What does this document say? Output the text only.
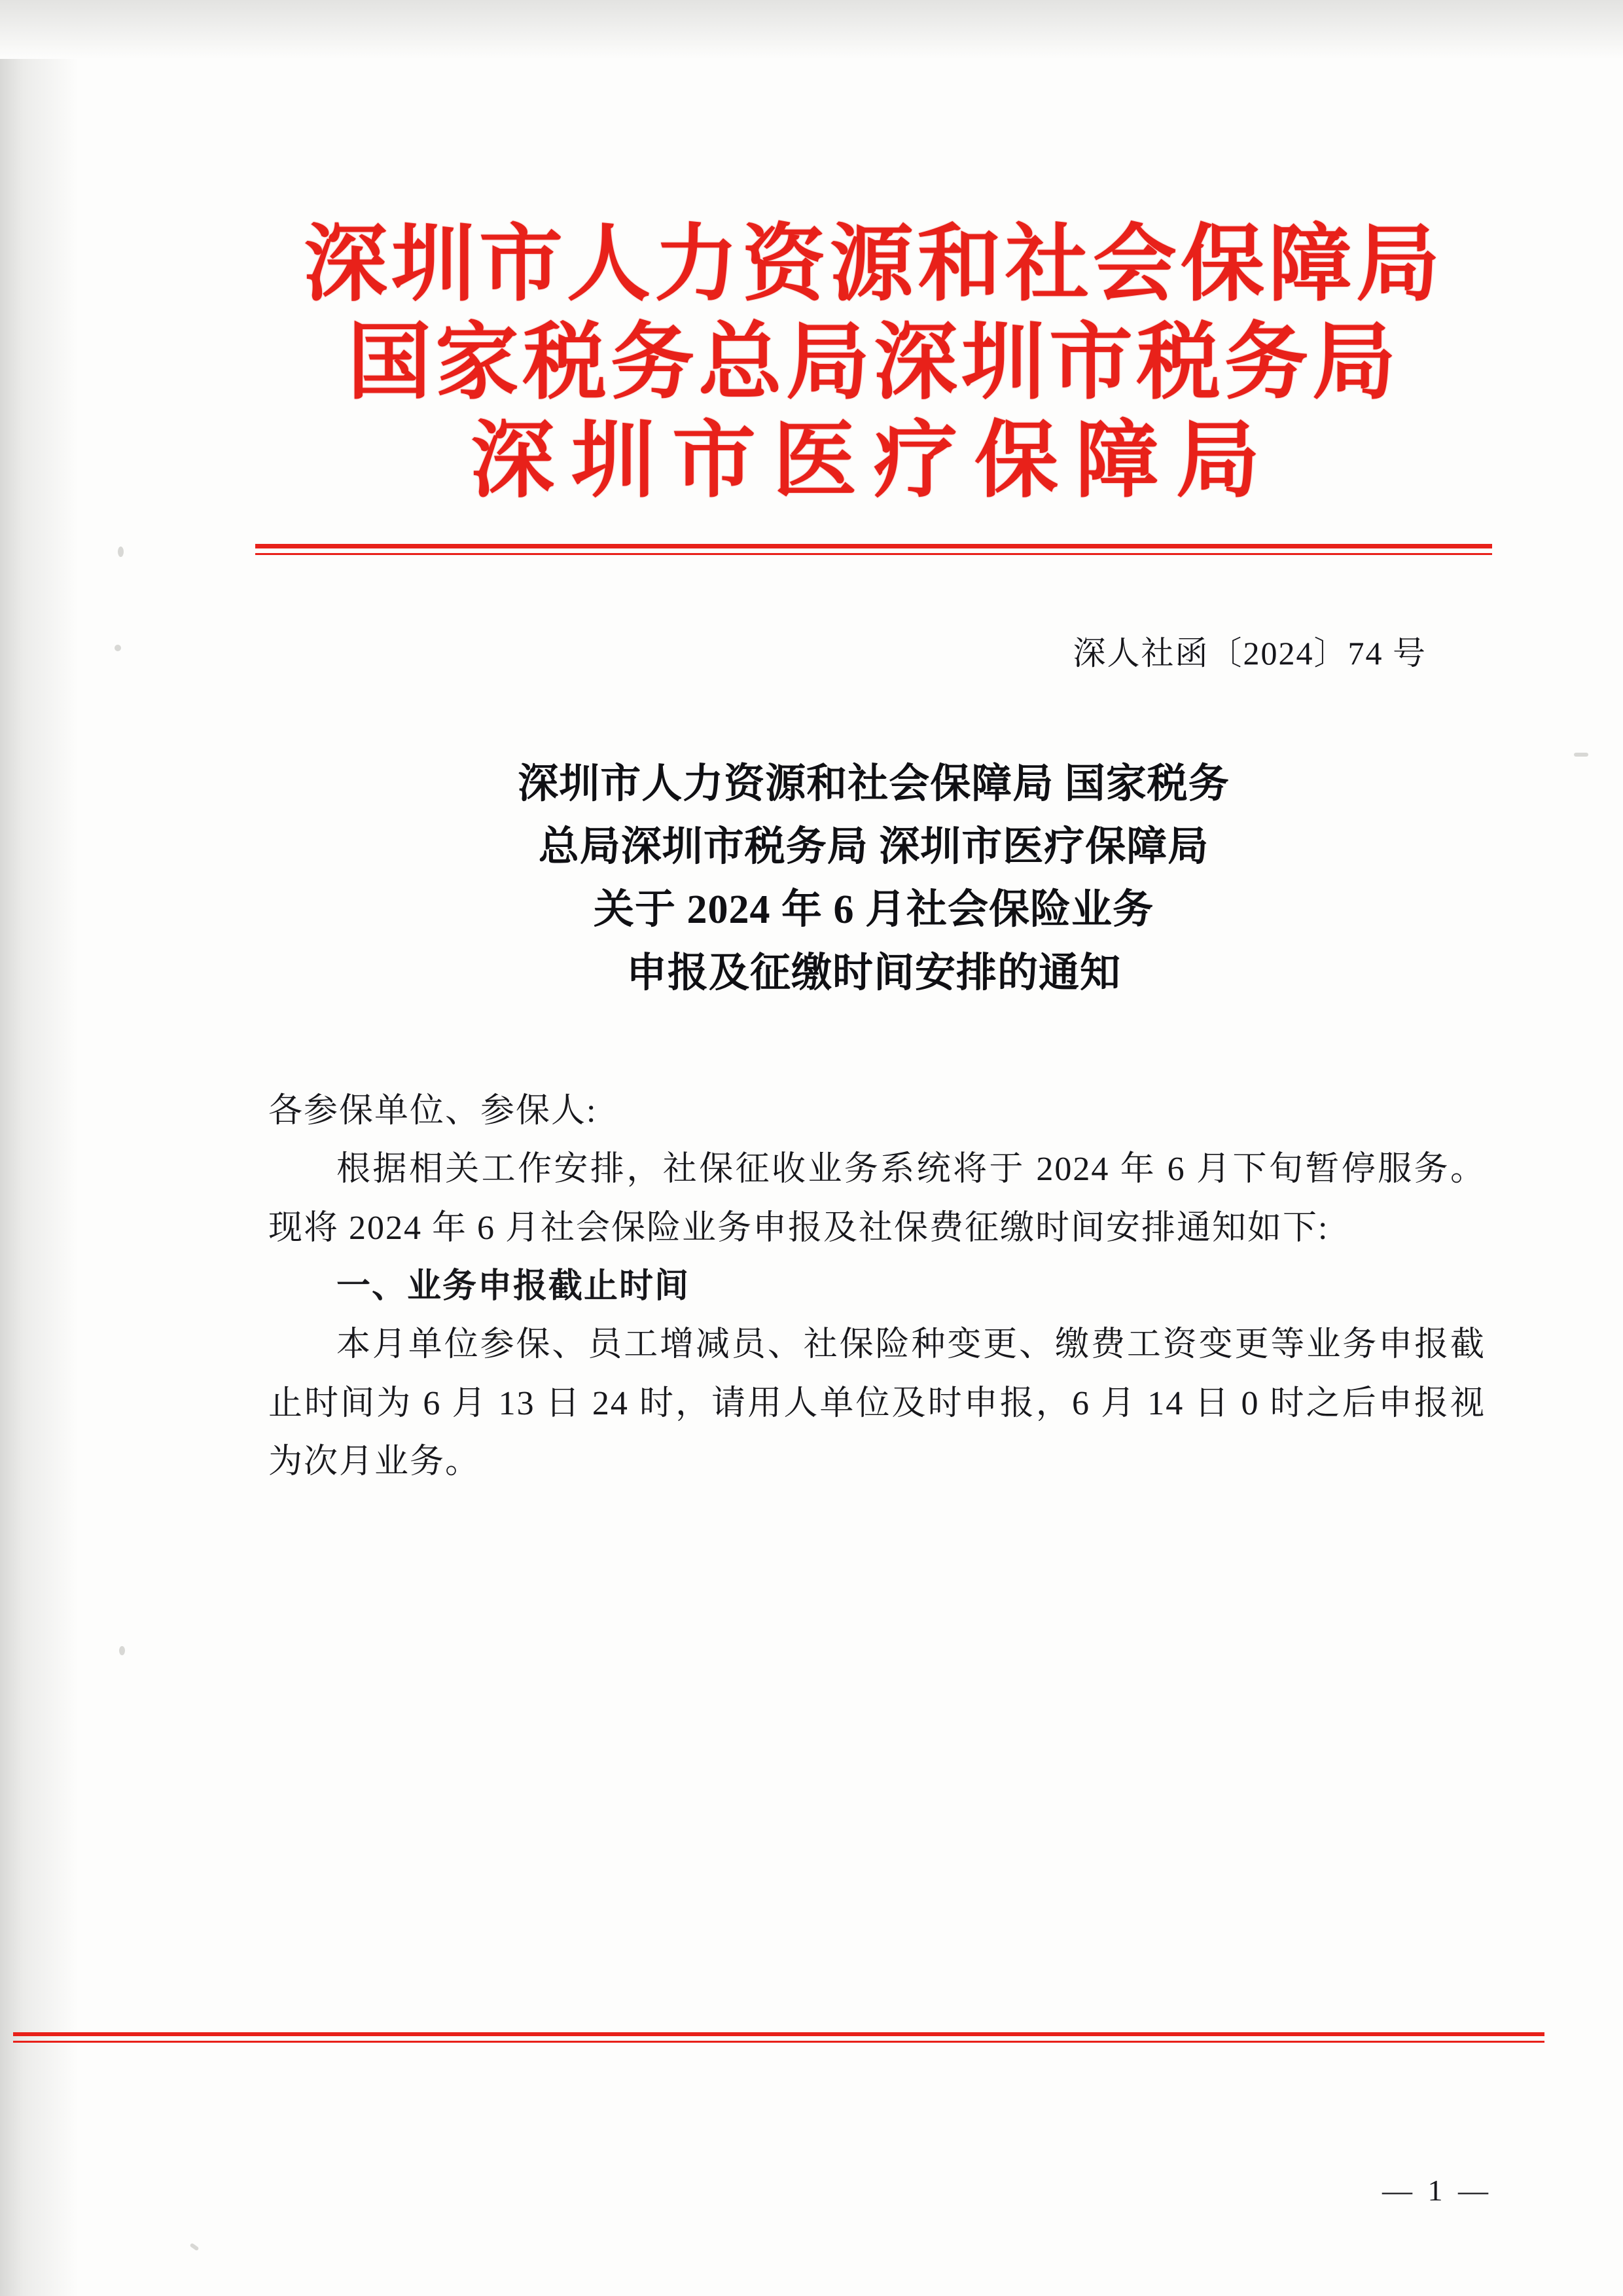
深圳市人力资源和社会保障局
国家税务总局深圳市税务局
深圳市医疗保障局
深人社函〔2024〕74 号
深圳市人力资源和社会保障局 国家税务
总局深圳市税务局 深圳市医疗保障局
关于 2024 年 6 月社会保险业务
申报及征缴时间安排的通知

各参保单位、参保人:

根据相关工作安排，社保征收业务系统将于 2024 年 6 月下旬暂停服务。现将 2024 年 6 月社会保险业务申报及社保费征缴时间安排通知如下:

一、业务申报截止时间

本月单位参保、员工增减员、社保险种变更、缴费工资变更等业务申报截止时间为 6 月 13 日 24 时，请用人单位及时申报，6 月 14 日 0 时之后申报视为次月业务。

— 1 —
